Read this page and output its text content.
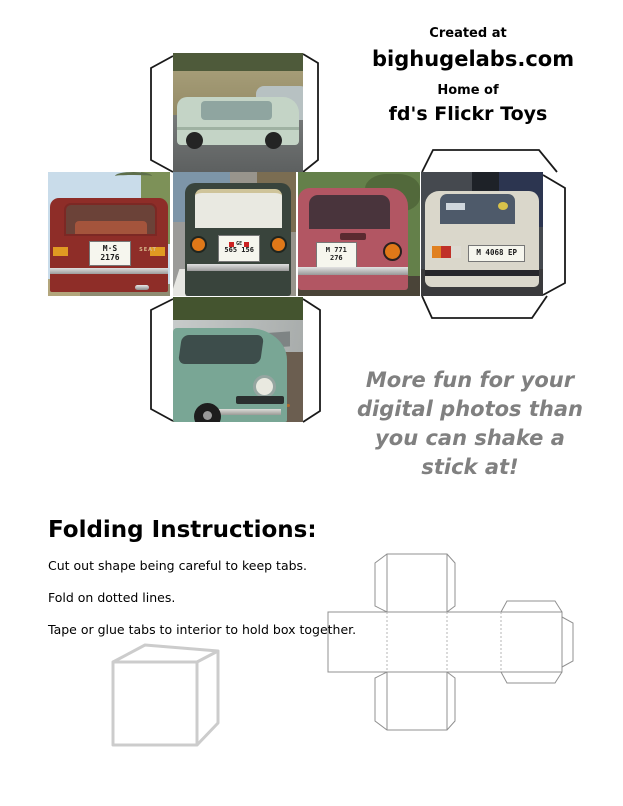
M·S
2176
SEAT
GE
565 156	M 771
276
M 4068 EP

Created at

bighugelabs.com

Home of

fd's Flickr Toys

More fun for your
digital photos than
you can shake a
stick at!
Folding Instructions:

Cut out shape being careful to keep tabs.

Fold on dotted lines.

Tape or glue tabs to interior to hold box together.
